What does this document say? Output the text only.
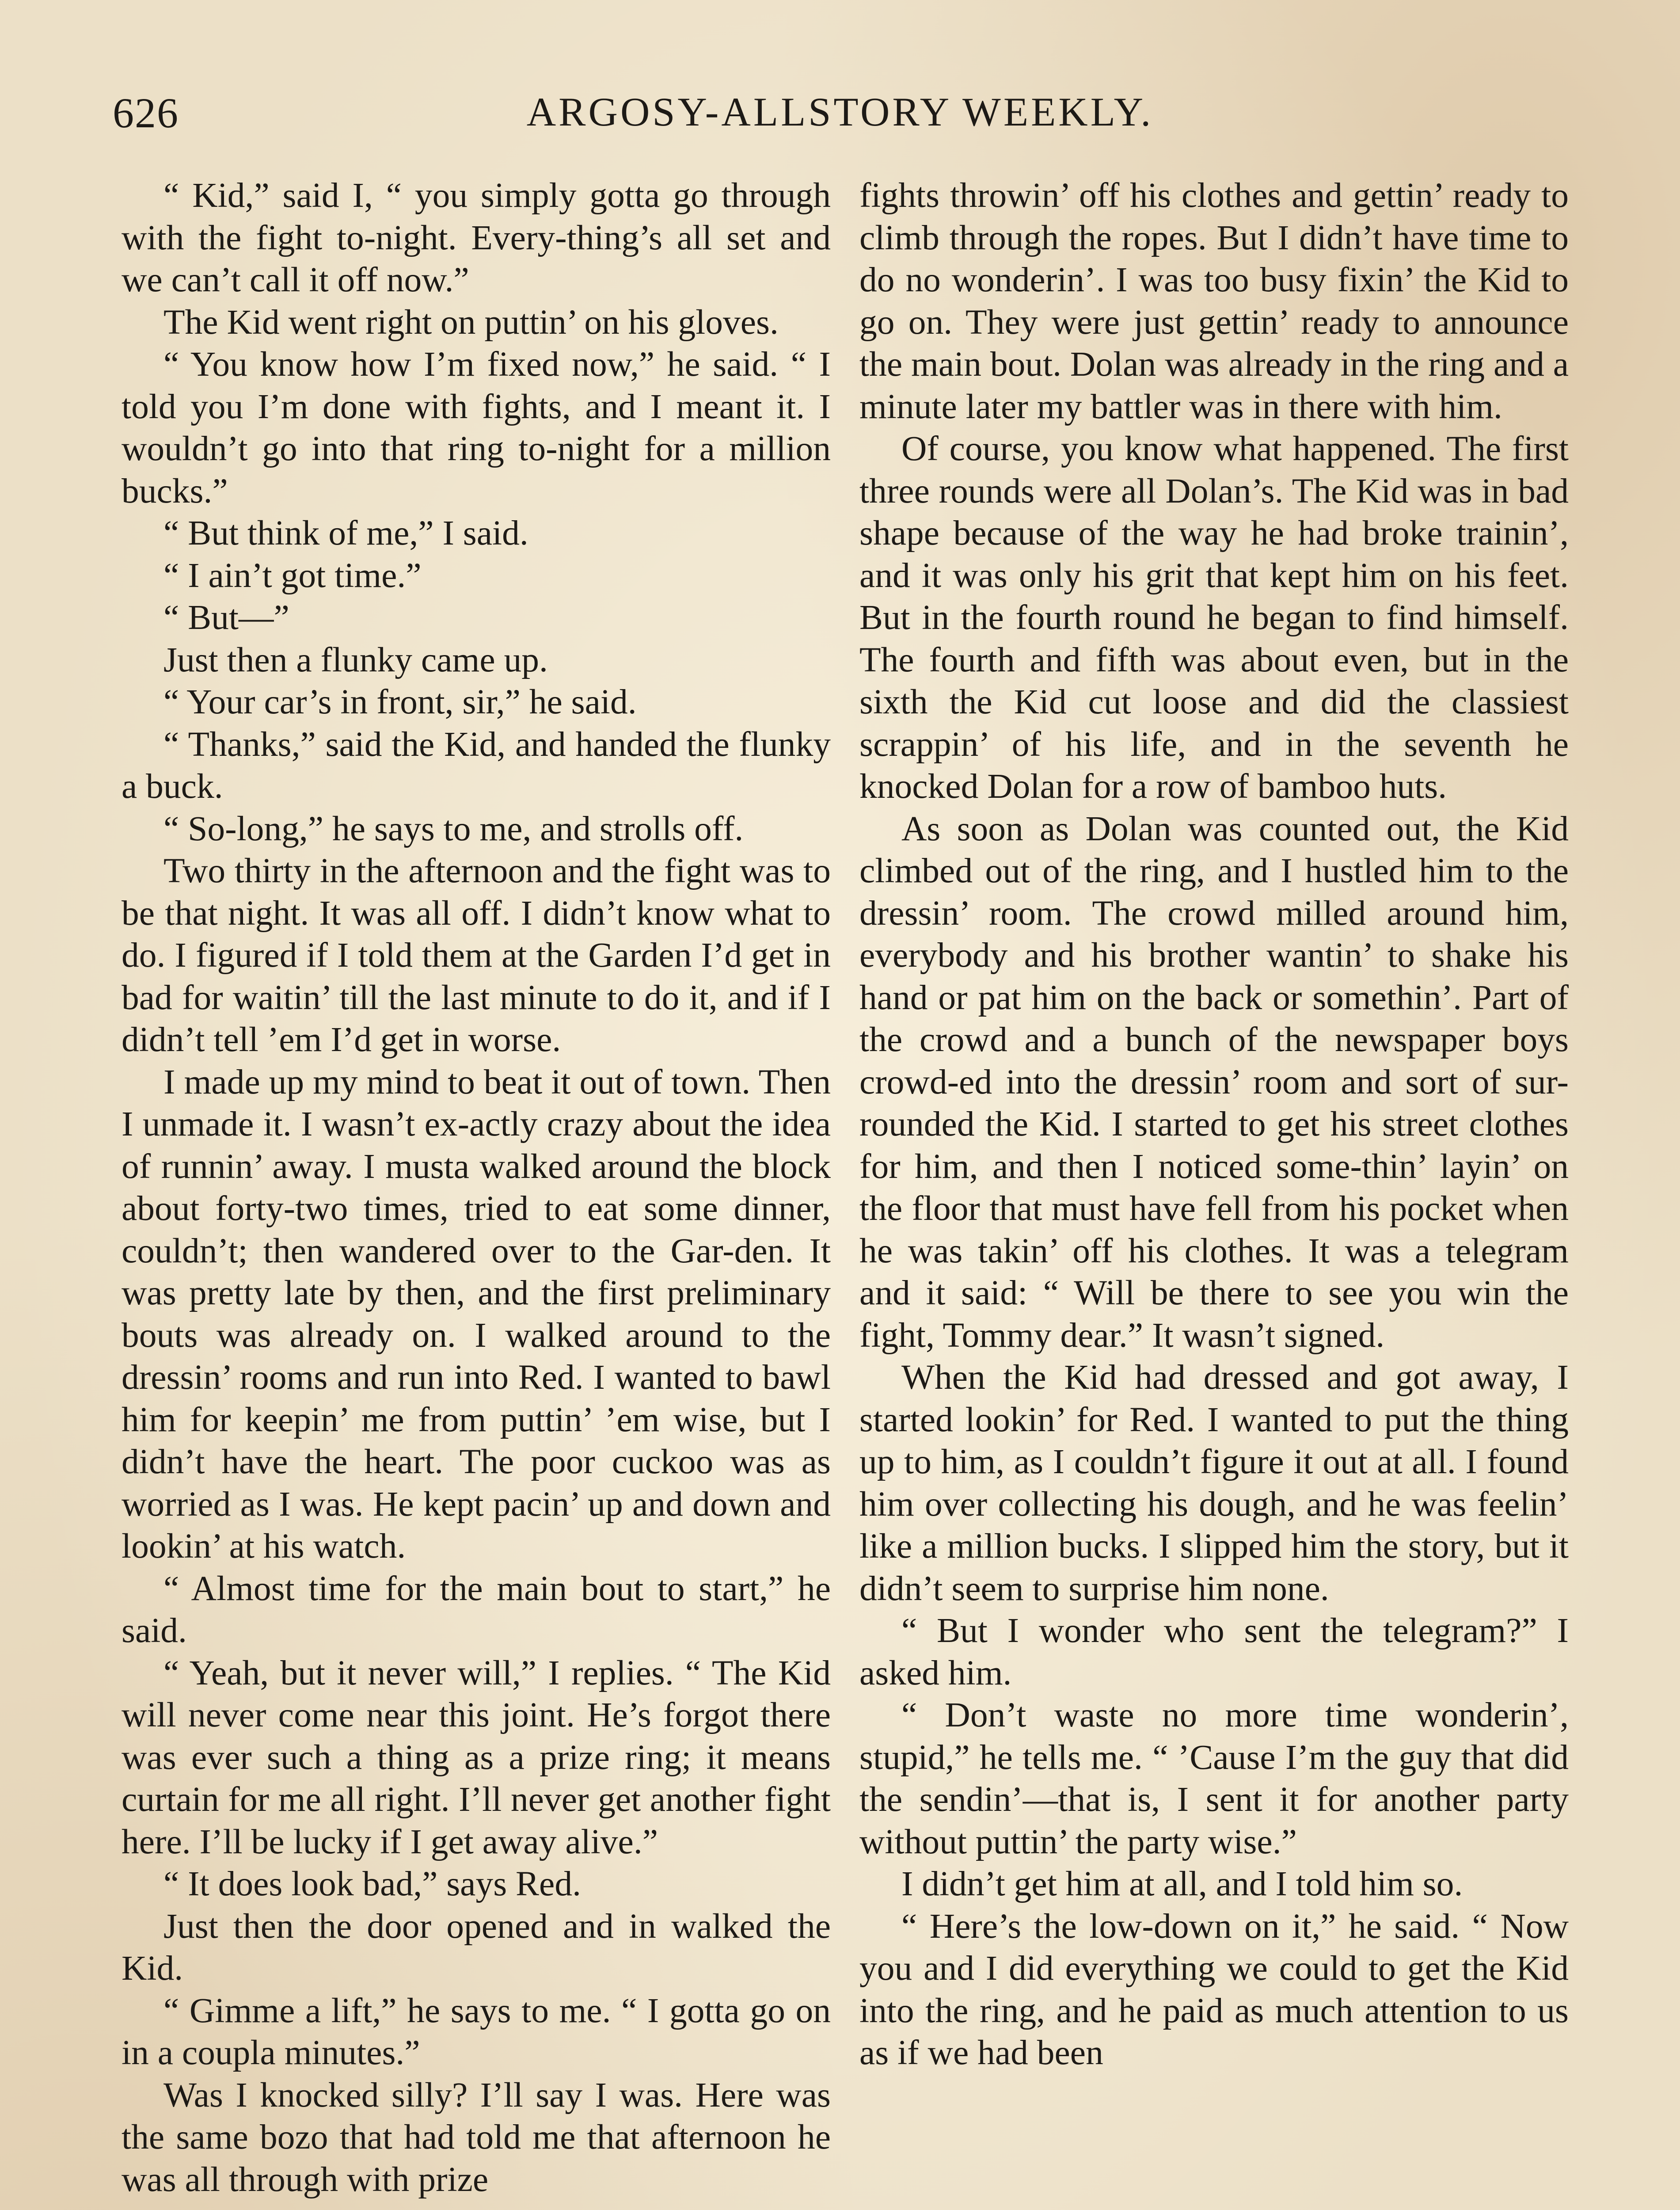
626	ARGOSY-ALLSTORY WEEKLY.

“ Kid,” said I, “ you simply gotta go through with the fight to-night. Every-thing’s all set and we can’t call it off now.”

The Kid went right on puttin’ on his gloves.

“ You know how I’m fixed now,” he said. “ I told you I’m done with fights, and I meant it. I wouldn’t go into that ring to-night for a million bucks.”

“ But think of me,” I said.

“ I ain’t got time.”

“ But—”

Just then a flunky came up.

“ Your car’s in front, sir,” he said.

“ Thanks,” said the Kid, and handed the flunky a buck.

“ So-long,” he says to me, and strolls off.

Two thirty in the afternoon and the fight was to be that night. It was all off. I didn’t know what to do. I figured if I told them at the Garden I’d get in bad for waitin’ till the last minute to do it, and if I didn’t tell ’em I’d get in worse.

I made up my mind to beat it out of town. Then I unmade it. I wasn’t ex-actly crazy about the idea of runnin’ away. I musta walked around the block about forty-two times, tried to eat some dinner, couldn’t; then wandered over to the Gar-den. It was pretty late by then, and the first preliminary bouts was already on. I walked around to the dressin’ rooms and run into Red. I wanted to bawl him for keepin’ me from puttin’ ’em wise, but I didn’t have the heart. The poor cuckoo was as worried as I was. He kept pacin’ up and down and lookin’ at his watch.

“ Almost time for the main bout to start,” he said.

“ Yeah, but it never will,” I replies. “ The Kid will never come near this joint. He’s forgot there was ever such a thing as a prize ring; it means curtain for me all right. I’ll never get another fight here. I’ll be lucky if I get away alive.”

“ It does look bad,” says Red.

Just then the door opened and in walked the Kid.

“ Gimme a lift,” he says to me. “ I gotta go on in a coupla minutes.”

Was I knocked silly? I’ll say I was. Here was the same bozo that had told me that afternoon he was all through with prize

fights throwin’ off his clothes and gettin’ ready to climb through the ropes. But I didn’t have time to do no wonderin’. I was too busy fixin’ the Kid to go on. They were just gettin’ ready to announce the main bout. Dolan was already in the ring and a minute later my battler was in there with him.

Of course, you know what happened. The first three rounds were all Dolan’s. The Kid was in bad shape because of the way he had broke trainin’, and it was only his grit that kept him on his feet. But in the fourth round he began to find himself. The fourth and fifth was about even, but in the sixth the Kid cut loose and did the classiest scrappin’ of his life, and in the seventh he knocked Dolan for a row of bamboo huts.

As soon as Dolan was counted out, the Kid climbed out of the ring, and I hustled him to the dressin’ room. The crowd milled around him, everybody and his brother wantin’ to shake his hand or pat him on the back or somethin’. Part of the crowd and a bunch of the newspaper boys crowd-ed into the dressin’ room and sort of sur-rounded the Kid. I started to get his street clothes for him, and then I noticed some-thin’ layin’ on the floor that must have fell from his pocket when he was takin’ off his clothes. It was a telegram and it said: “ Will be there to see you win the fight, Tommy dear.” It wasn’t signed.

When the Kid had dressed and got away, I started lookin’ for Red. I wanted to put the thing up to him, as I couldn’t figure it out at all. I found him over collecting his dough, and he was feelin’ like a million bucks. I slipped him the story, but it didn’t seem to surprise him none.

“ But I wonder who sent the telegram?” I asked him.

“ Don’t waste no more time wonderin’, stupid,” he tells me. “ ’Cause I’m the guy that did the sendin’—that is, I sent it for another party without puttin’ the party wise.”

I didn’t get him at all, and I told him so.

“ Here’s the low-down on it,” he said. “ Now you and I did everything we could to get the Kid into the ring, and he paid as much attention to us as if we had been
